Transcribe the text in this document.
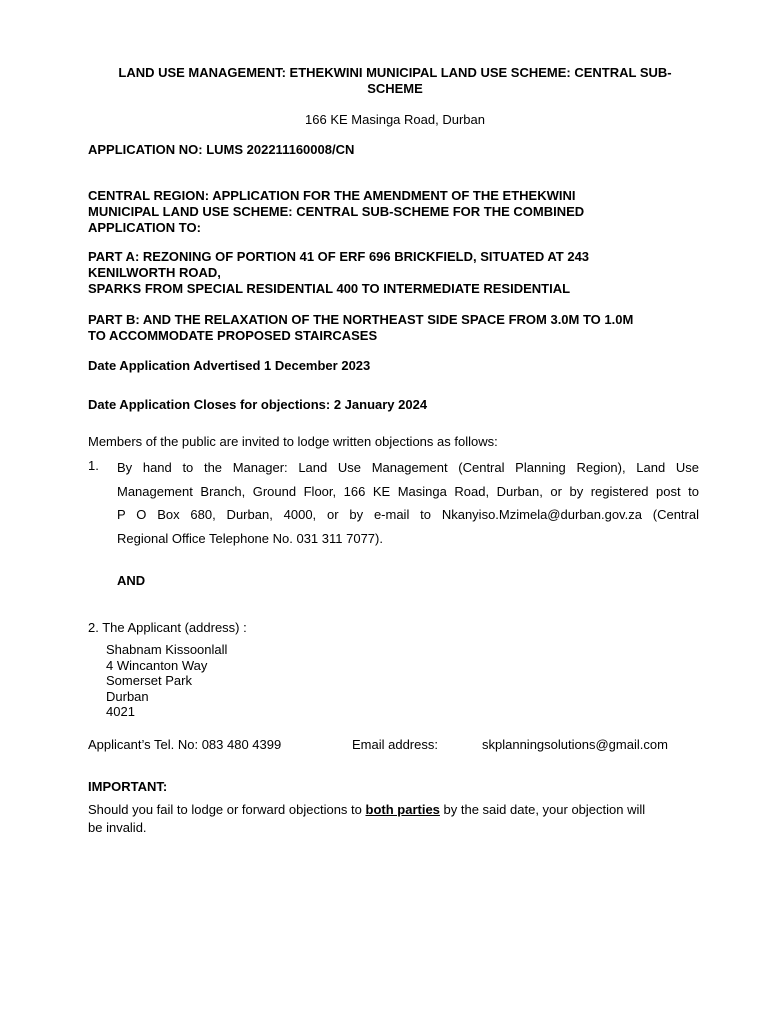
LAND USE MANAGEMENT: ETHEKWINI MUNICIPAL LAND USE SCHEME: CENTRAL SUB-
SCHEME
166 KE Masinga Road, Durban
APPLICATION NO: LUMS 202211160008/CN
CENTRAL REGION: APPLICATION FOR THE AMENDMENT OF THE ETHEKWINI
MUNICIPAL LAND USE SCHEME: CENTRAL SUB-SCHEME FOR THE COMBINED
APPLICATION TO:
PART A: REZONING OF PORTION 41 OF ERF 696 BRICKFIELD, SITUATED AT 243
KENILWORTH ROAD,
SPARKS FROM SPECIAL RESIDENTIAL 400 TO INTERMEDIATE RESIDENTIAL
PART B: AND THE RELAXATION OF THE NORTHEAST SIDE SPACE FROM 3.0M TO 1.0M
TO ACCOMMODATE PROPOSED STAIRCASES
Date Application Advertised 1 December 2023
Date Application Closes for objections: 2 January 2024
Members of the public are invited to lodge written objections as follows:
1. By hand to the Manager: Land Use Management (Central Planning Region), Land Use
Management Branch, Ground Floor, 166 KE Masinga Road, Durban, or by registered post to
P O Box 680, Durban, 4000, or by e-mail to Nkanyiso.Mzimela@durban.gov.za (Central
Regional Office Telephone No. 031 311 7077).
AND
2. The Applicant (address) :
Shabnam Kissoonlall
4 Wincanton Way
Somerset Park
Durban
4021
Applicant’s Tel. No: 083 480 4399	Email address:	skplanningsolutions@gmail.com
IMPORTANT:
Should you fail to lodge or forward objections to both parties by the said date, your objection will
be invalid.
